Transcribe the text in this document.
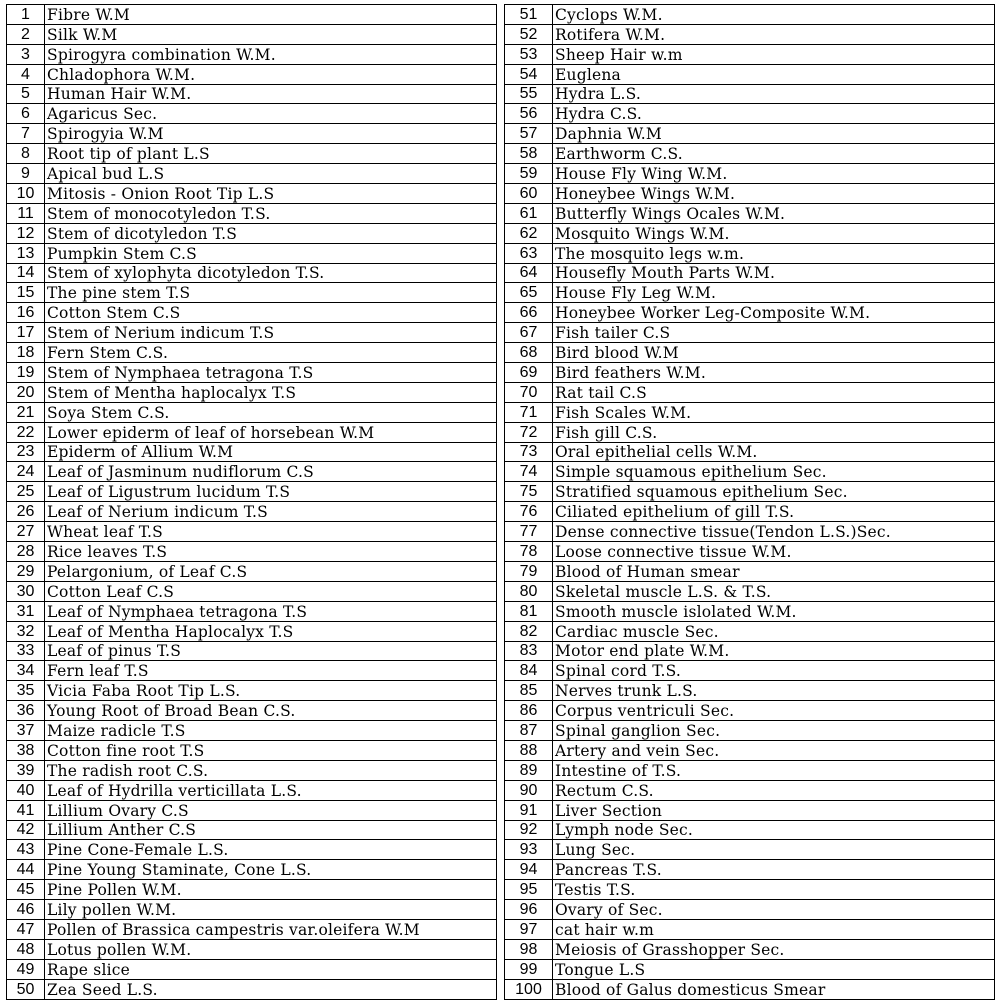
1	Fibre W.M		51	Cyclops W.M.
2	Silk W.M		52	Rotifera W.M.
3	Spirogyra combination W.M.		53	Sheep Hair w.m
4	Chladophora W.M.		54	Euglena
5	Human Hair W.M.		55	Hydra L.S.
6	Agaricus Sec.		56	Hydra C.S.
7	Spirogyia W.M		57	Daphnia W.M
8	Root tip of plant L.S		58	Earthworm C.S.
9	Apical bud L.S		59	House Fly Wing W.M.
10	Mitosis - Onion Root Tip L.S		60	Honeybee Wings W.M.
11	Stem of monocotyledon T.S.		61	Butterfly Wings Ocales W.M.
12	Stem of dicotyledon T.S		62	Mosquito Wings W.M.
13	Pumpkin Stem C.S		63	The mosquito legs w.m.
14	Stem of xylophyta dicotyledon T.S.		64	Housefly Mouth Parts W.M.
15	The pine stem T.S		65	House Fly Leg W.M.
16	Cotton Stem C.S		66	Honeybee Worker Leg-Composite W.M.
17	Stem of Nerium indicum T.S		67	Fish tailer C.S
18	Fern Stem C.S.		68	Bird blood W.M
19	Stem of Nymphaea tetragona T.S		69	Bird feathers W.M.
20	Stem of Mentha haplocalyx T.S		70	Rat tail C.S
21	Soya Stem C.S.		71	Fish Scales W.M.
22	Lower epiderm of leaf of horsebean W.M		72	Fish gill C.S.
23	Epiderm of Allium W.M		73	Oral epithelial cells W.M.
24	Leaf of Jasminum nudiflorum C.S		74	Simple squamous epithelium Sec.
25	Leaf of Ligustrum lucidum T.S		75	Stratified squamous epithelium Sec.
26	Leaf of Nerium indicum T.S		76	Ciliated epithelium of gill T.S.
27	Wheat leaf T.S		77	Dense connective tissue(Tendon L.S.)Sec.
28	Rice leaves T.S		78	Loose connective tissue W.M.
29	Pelargonium, of Leaf C.S		79	Blood of Human smear
30	Cotton Leaf C.S		80	Skeletal muscle L.S. & T.S.
31	Leaf of Nymphaea tetragona T.S		81	Smooth muscle islolated W.M.
32	Leaf of Mentha Haplocalyx T.S		82	Cardiac muscle Sec.
33	Leaf of pinus T.S		83	Motor end plate W.M.
34	Fern leaf T.S		84	Spinal cord T.S.
35	Vicia Faba Root Tip L.S.		85	Nerves trunk L.S.
36	Young Root of Broad Bean C.S.		86	Corpus ventriculi Sec.
37	Maize radicle T.S		87	Spinal ganglion Sec.
38	Cotton fine root T.S		88	Artery and vein Sec.
39	The radish root C.S.		89	Intestine of T.S.
40	Leaf of Hydrilla verticillata L.S.		90	Rectum C.S.
41	Lillium Ovary C.S		91	Liver Section
42	Lillium Anther C.S		92	Lymph node Sec.
43	Pine Cone-Female L.S.		93	Lung Sec.
44	Pine Young Staminate, Cone L.S.		94	Pancreas T.S.
45	Pine Pollen W.M.		95	Testis T.S.
46	Lily pollen W.M.		96	Ovary of Sec.
47	Pollen of Brassica campestris var.oleifera W.M		97	cat hair w.m
48	Lotus pollen W.M.		98	Meiosis of Grasshopper Sec.
49	Rape slice		99	Tongue L.S
50	Zea Seed L.S.		100	Blood of Galus domesticus Smear
